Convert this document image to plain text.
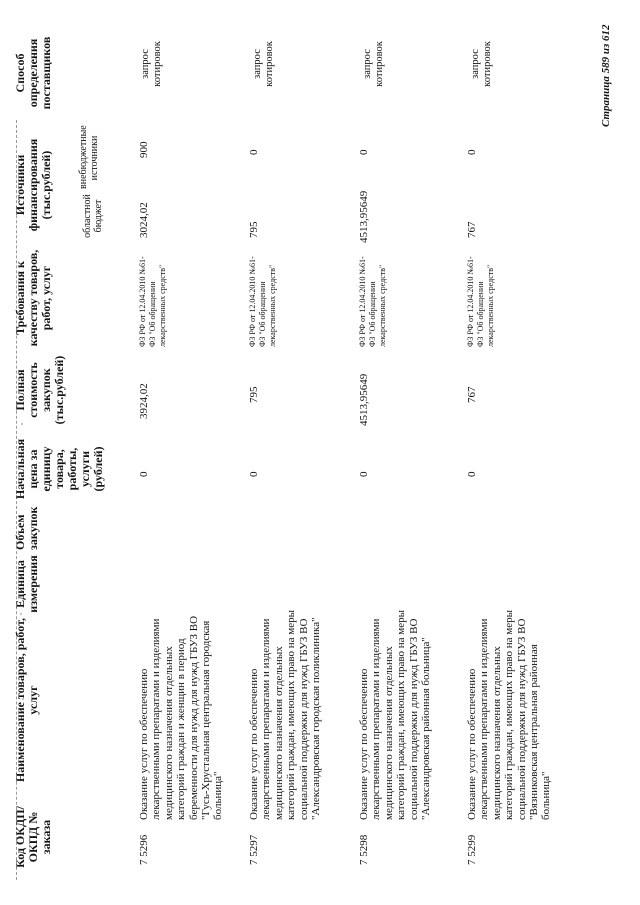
Код ОКДП/ ОКПД № заказа
Наименование товаров, работ, услуг
Единица измерения
Объем закупок
Начальная цена за единицу товара, работы, услуги (рублей)
Полная стоимость закупок (тыс.рублей)
Требования к качеству товаров, работ, услуг
Источники финансирования (тыс.рублей)	областной бюджет
внебюджетные источники
Способ определения поставщиков
7 5296
Оказание услуг по обеспечению лекарственными препаратами и изделиями медицинского назначения отдельных категорий граждан и женщин в период беременности для нужд для нужд ГБУЗ ВО "Гусь-Хрустальная центральная городская больница"
0
3924,02
ФЗ РФ от 12.04.2010 №61-ФЗ "Об обращении лекарственных средств"
3024,02
900
запрос котировок
7 5297
Оказание услуг по обеспечению лекарственными препаратами и изделиями медицинского назначения отдельных категорий граждан, имеющих право на меры социальной поддержки для нужд ГБУЗ ВО "Александровская городская поликлиника"
0
795
ФЗ РФ от 12.04.2010 №61-ФЗ "Об обращении лекарственных средств"
795
0
запрос котировок
7 5298
Оказание услуг по обеспечению лекарственными препаратами и изделиями медицинского назначения отдельных категорий граждан, имеющих право на меры социальной поддержки для нужд ГБУЗ ВО "Александровская районная больница"
0
4513,95649
ФЗ РФ от 12.04.2010 №61-ФЗ "Об обращении лекарственных средств"
4513,95649
0
запрос котировок
7 5299
Оказание услуг по обеспечению лекарственными препаратами и изделиями медицинского назначения отдельных категорий граждан, имеющих право на меры социальной поддержки для нужд ГБУЗ ВО "Вязниковская центральная районная больница"
0
767
ФЗ РФ от 12.04.2010 №61-ФЗ "Об обращении лекарственных средств"
767
0
запрос котировок	Страница 589 из 612
